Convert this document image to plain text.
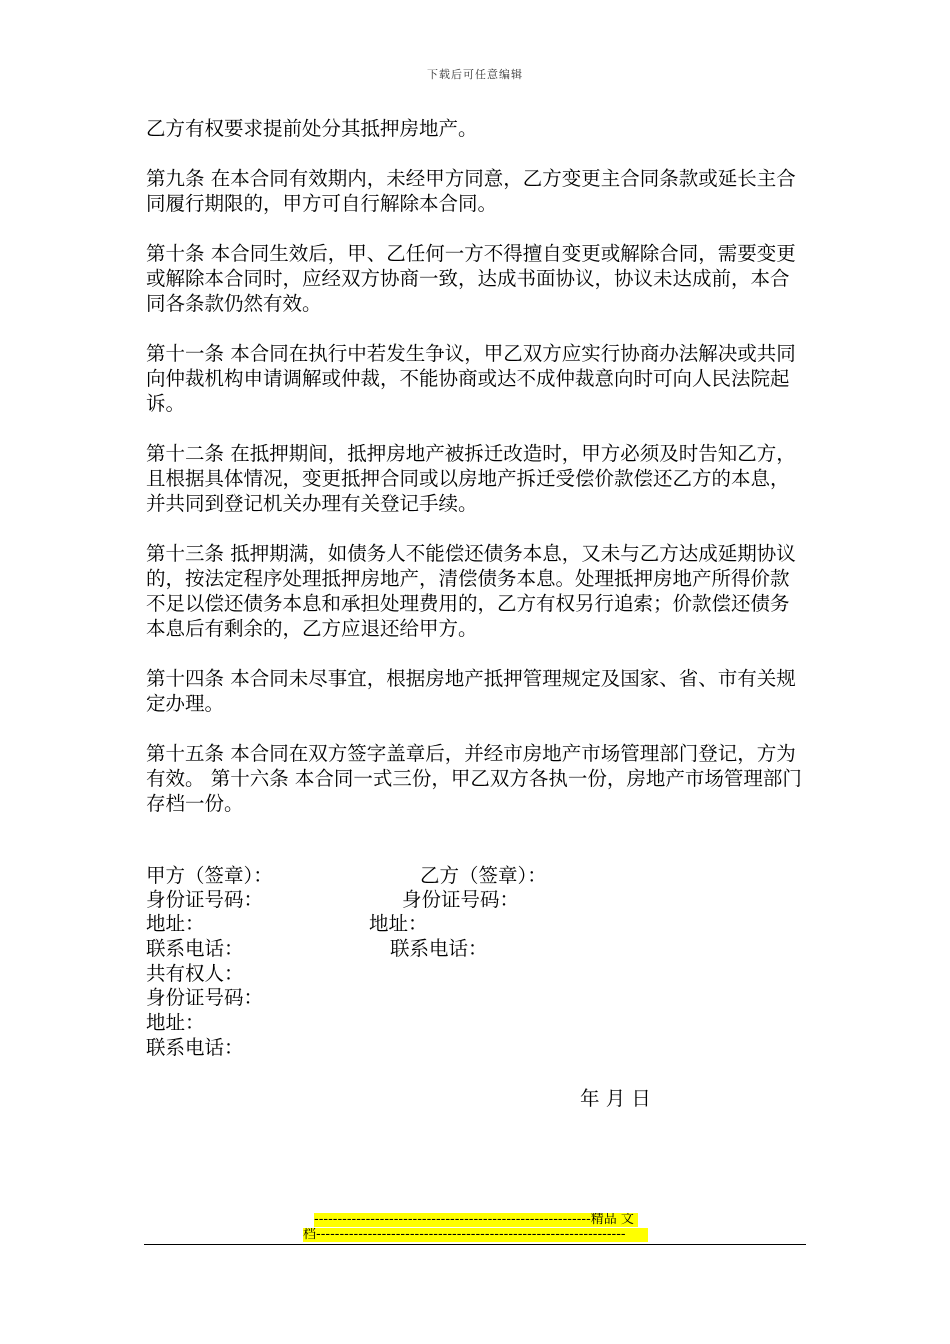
下载后可任意编辑

乙方有权要求提前处分其抵押房地产。

第九条 在本合同有效期内，未经甲方同意，乙方变更主合同条款或延长主合同履行期限的，甲方可自行解除本合同。

第十条 本合同生效后，甲、乙任何一方不得擅自变更或解除合同，需要变更或解除本合同时，应经双方协商一致，达成书面协议，协议未达成前，本合同各条款仍然有效。

第十一条 本合同在执行中若发生争议，甲乙双方应实行协商办法解决或共同向仲裁机构申请调解或仲裁，不能协商或达不成仲裁意向时可向人民法院起诉。

第十二条 在抵押期间，抵押房地产被拆迁改造时，甲方必须及时告知乙方，且根据具体情况，变更抵押合同或以房地产拆迁受偿价款偿还乙方的本息，并共同到登记机关办理有关登记手续。

第十三条 抵押期满，如债务人不能偿还债务本息，又未与乙方达成延期协议的，按法定程序处理抵押房地产，清偿债务本息。处理抵押房地产所得价款不足以偿还债务本息和承担处理费用的，乙方有权另行追索；价款偿还债务本息后有剩余的，乙方应退还给甲方。

第十四条 本合同未尽事宜，根据房地产抵押管理规定及国家、省、市有关规定办理。

第十五条 本合同在双方签字盖章后，并经市房地产市场管理部门登记，方为有效。 第十六条 本合同一式三份，甲乙双方各执一份，房地产市场管理部门存档一份。

甲方（签章）：	乙方（签章）：
身份证号码：	身份证号码：
地址：	地址：
联系电话：	联系电话：
共有权人：
身份证号码：
地址：
联系电话：
年 月 日
-----------------------------------------------------------精品 文
档------------------------------------------------------------------
